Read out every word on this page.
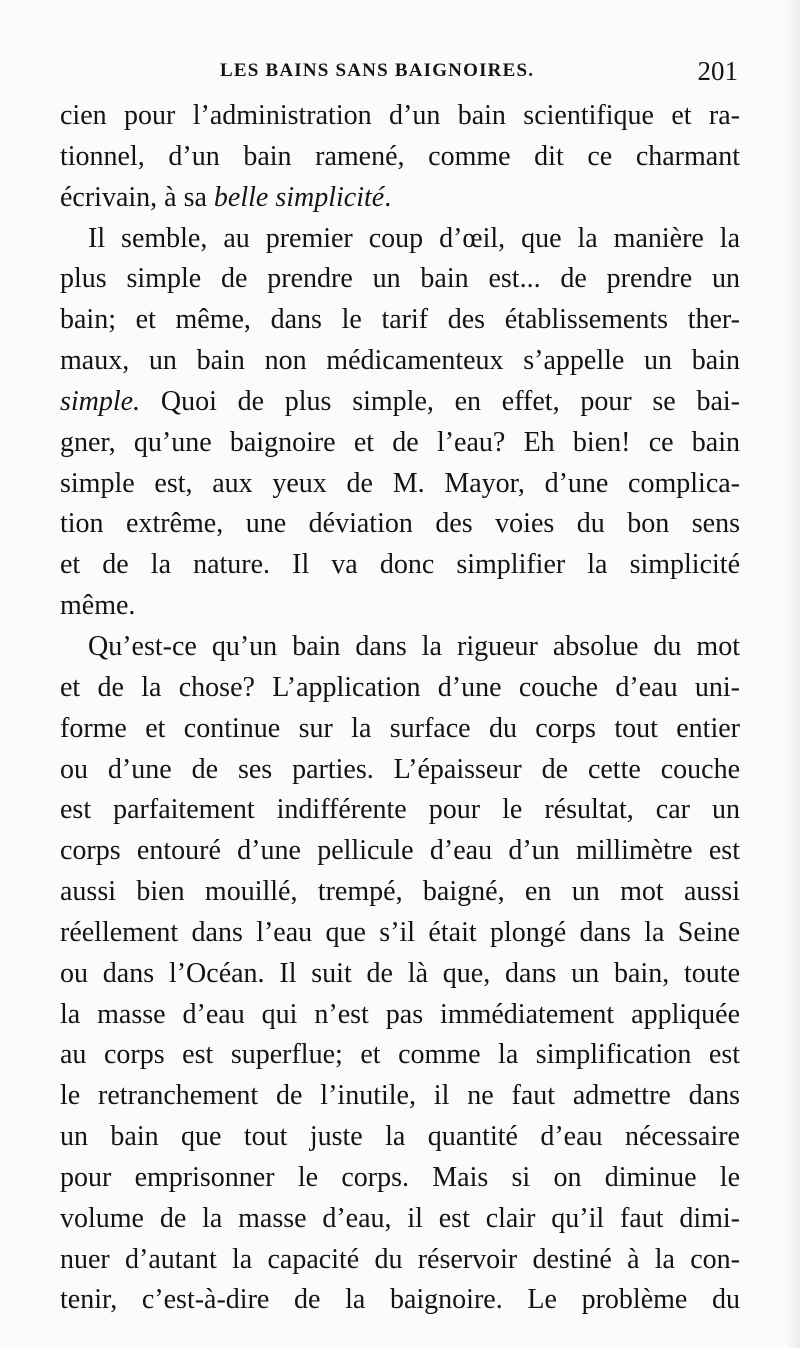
LES BAINS SANS BAIGNOIRES.	201
cien pour l’administration d’un bain scientifique et ra-
tionnel, d’un bain ramené, comme dit ce charmant
écrivain, à sa belle simplicité.
Il semble, au premier coup d’œil, que la manière la
plus simple de prendre un bain est... de prendre un
bain; et même, dans le tarif des établissements ther-
maux, un bain non médicamenteux s’appelle un bain
simple. Quoi de plus simple, en effet, pour se bai-
gner, qu’une baignoire et de l’eau? Eh bien! ce bain
simple est, aux yeux de M. Mayor, d’une complica-
tion extrême, une déviation des voies du bon sens
et de la nature. Il va donc simplifier la simplicité
même.
Qu’est-ce qu’un bain dans la rigueur absolue du mot
et de la chose? L’application d’une couche d’eau uni-
forme et continue sur la surface du corps tout entier
ou d’une de ses parties. L’épaisseur de cette couche
est parfaitement indifférente pour le résultat, car un
corps entouré d’une pellicule d’eau d’un millimètre est
aussi bien mouillé, trempé, baigné, en un mot aussi
réellement dans l’eau que s’il était plongé dans la Seine
ou dans l’Océan. Il suit de là que, dans un bain, toute
la masse d’eau qui n’est pas immédiatement appliquée
au corps est superflue; et comme la simplification est
le retranchement de l’inutile, il ne faut admettre dans
un bain que tout juste la quantité d’eau nécessaire
pour emprisonner le corps. Mais si on diminue le
volume de la masse d’eau, il est clair qu’il faut dimi-
nuer d’autant la capacité du réservoir destiné à la con-
tenir, c’est-à-dire de la baignoire. Le problème du
